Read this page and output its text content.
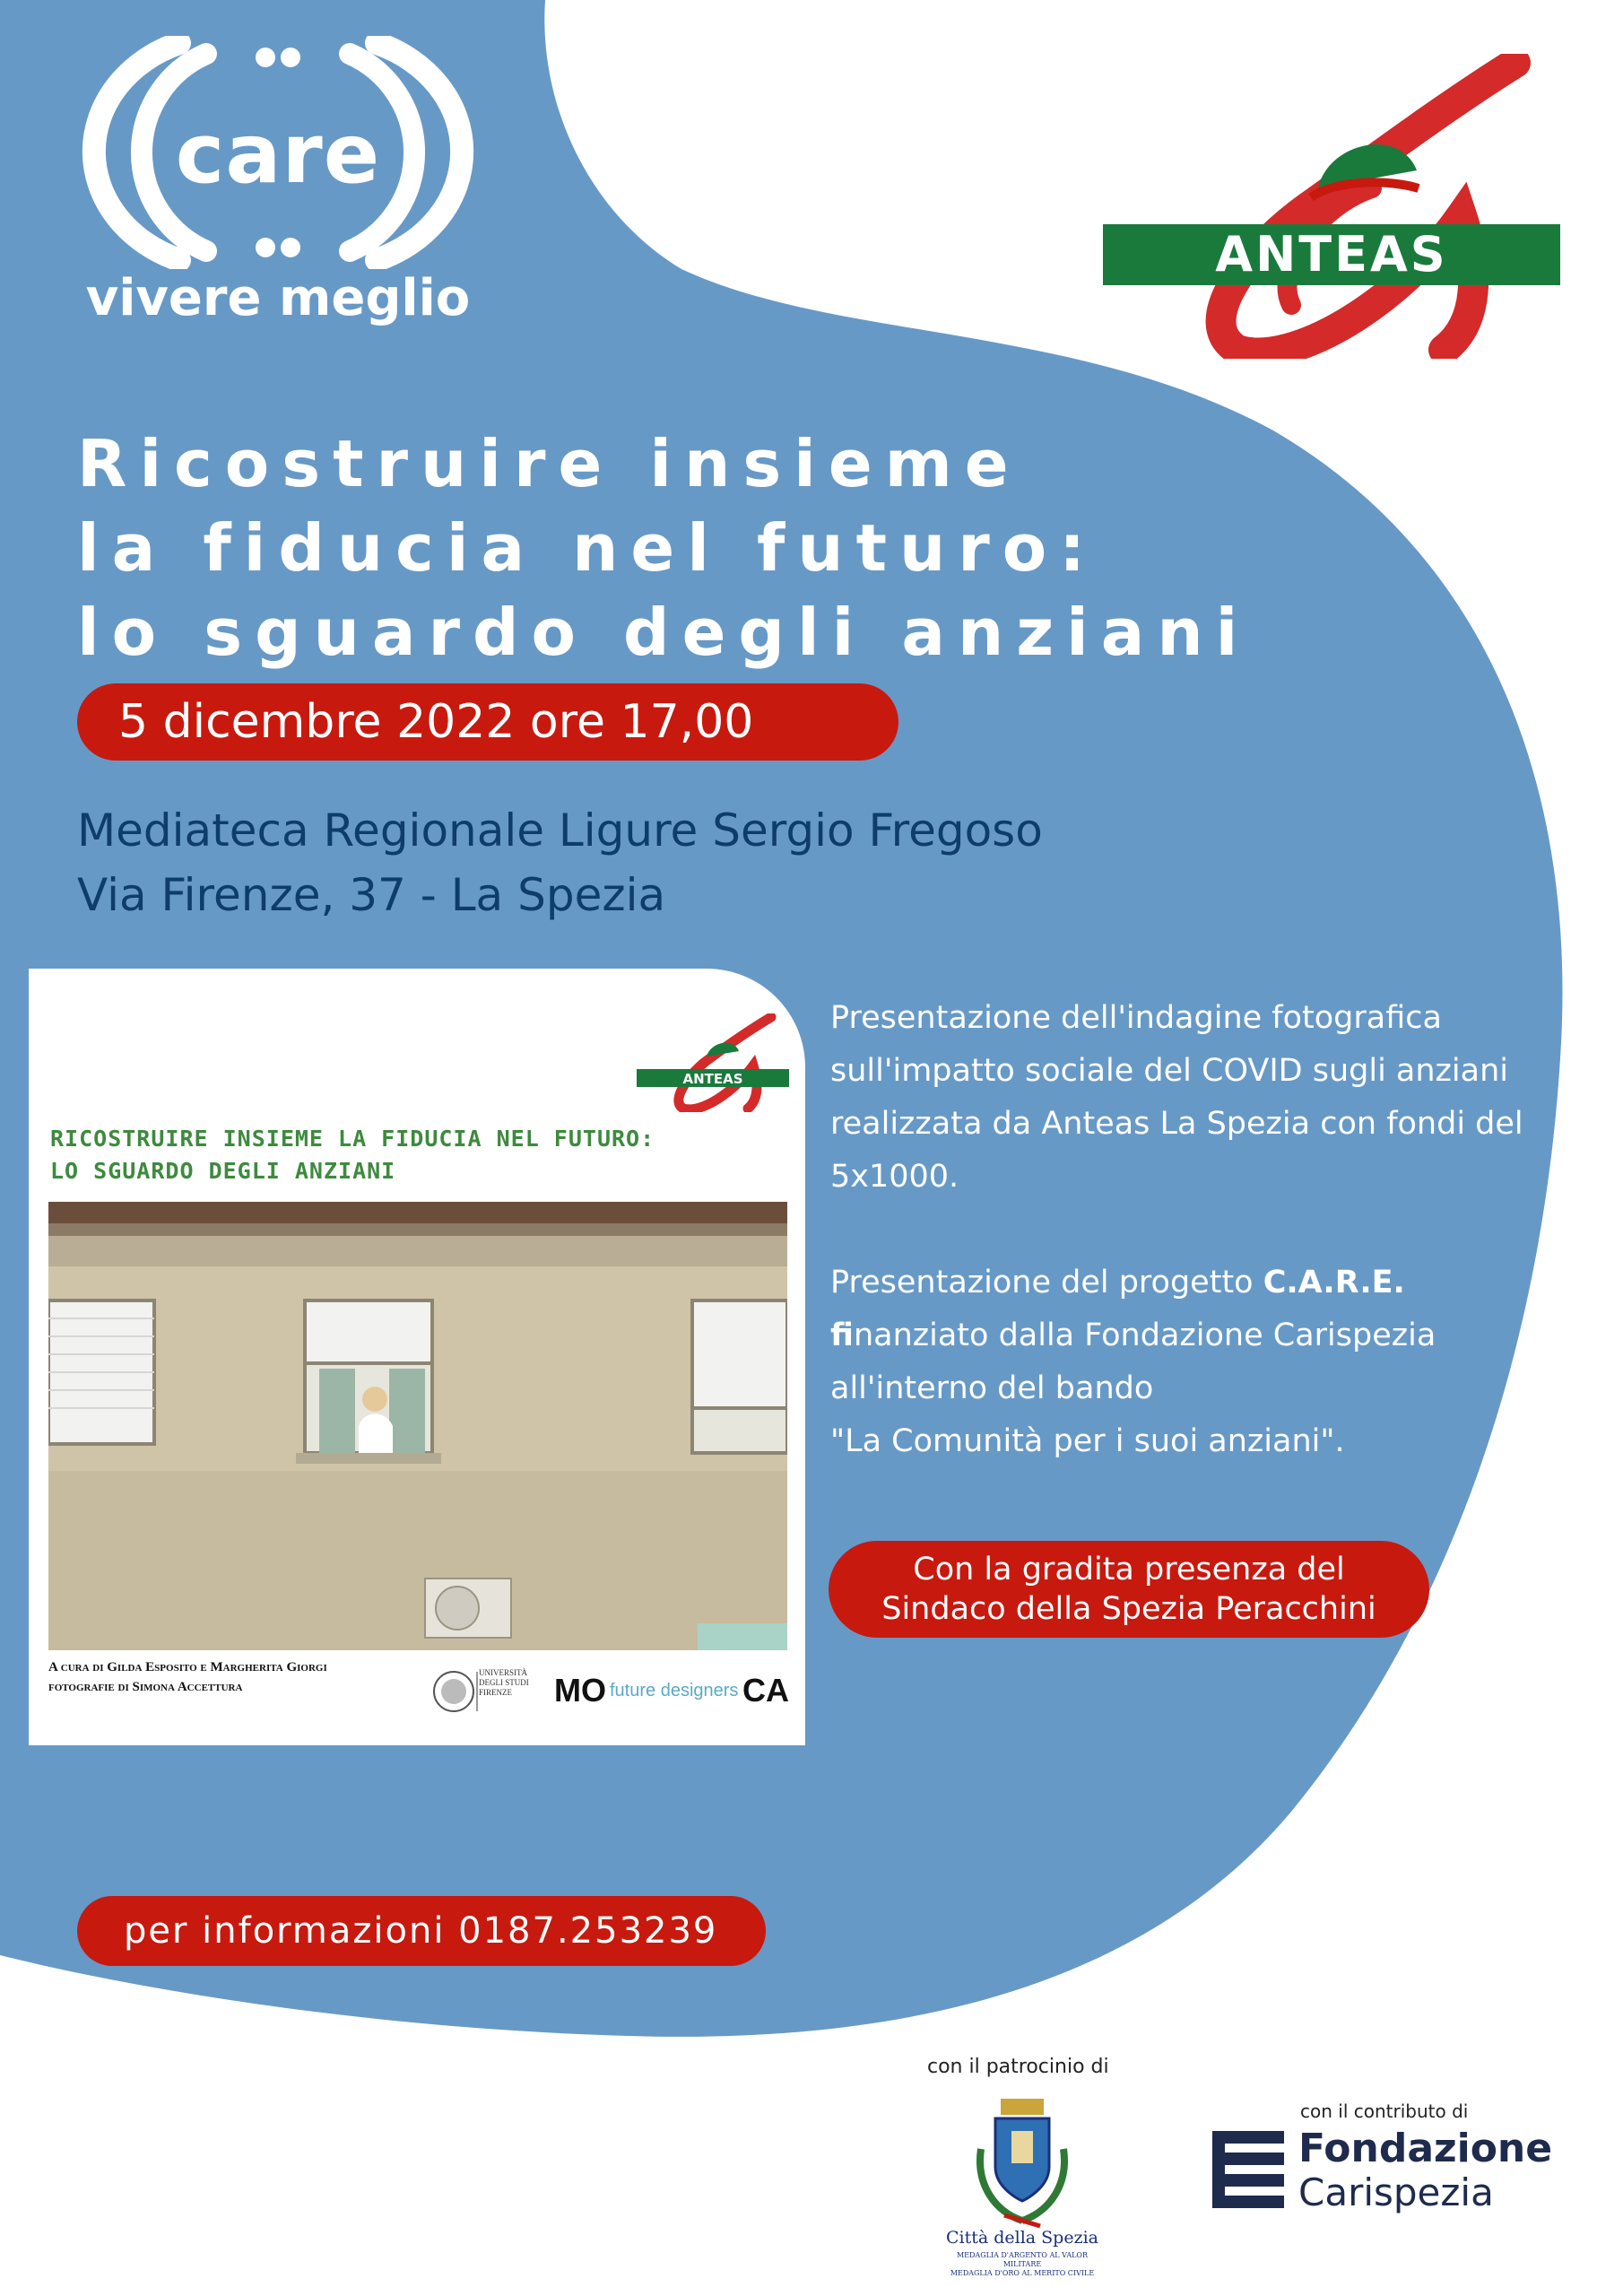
care
vivere meglio
ANTEAS
Ricostruire insieme
la fiducia nel futuro:
lo sguardo degli anziani
5 dicembre 2022 ore 17,00
Mediateca Regionale Ligure Sergio Fregoso
Via Firenze, 37 - La Spezia
ANTEAS
RICOSTRUIRE INSIEME LA FIDUCIA NEL FUTURO:
LO SGUARDO DEGLI ANZIANI
A cura di Gilda Esposito e Margherita Giorgi
fotografie di Simona Accettura
UNIVERSITÀ
DEGLI STUDI
FIRENZE	MO future designers CA

Presentazione dell'indagine fotografica sull'impatto sociale del COVID sugli anziani realizzata da Anteas La Spezia con fondi del 5x1000.

Presentazione del progetto C.A.R.E.
finanziato dalla Fondazione Carispezia all'interno del bando
"La Comunità per i suoi anziani".
Con la gradita presenza del
Sindaco della Spezia Peracchini
per informazioni 0187.253239
con il patrocinio di
Città della Spezia
MEDAGLIA D'ARGENTO AL VALOR MILITARE
MEDAGLIA D'ORO AL MERITO CIVILE
con il contributo di
Fondazione
Carispezia
